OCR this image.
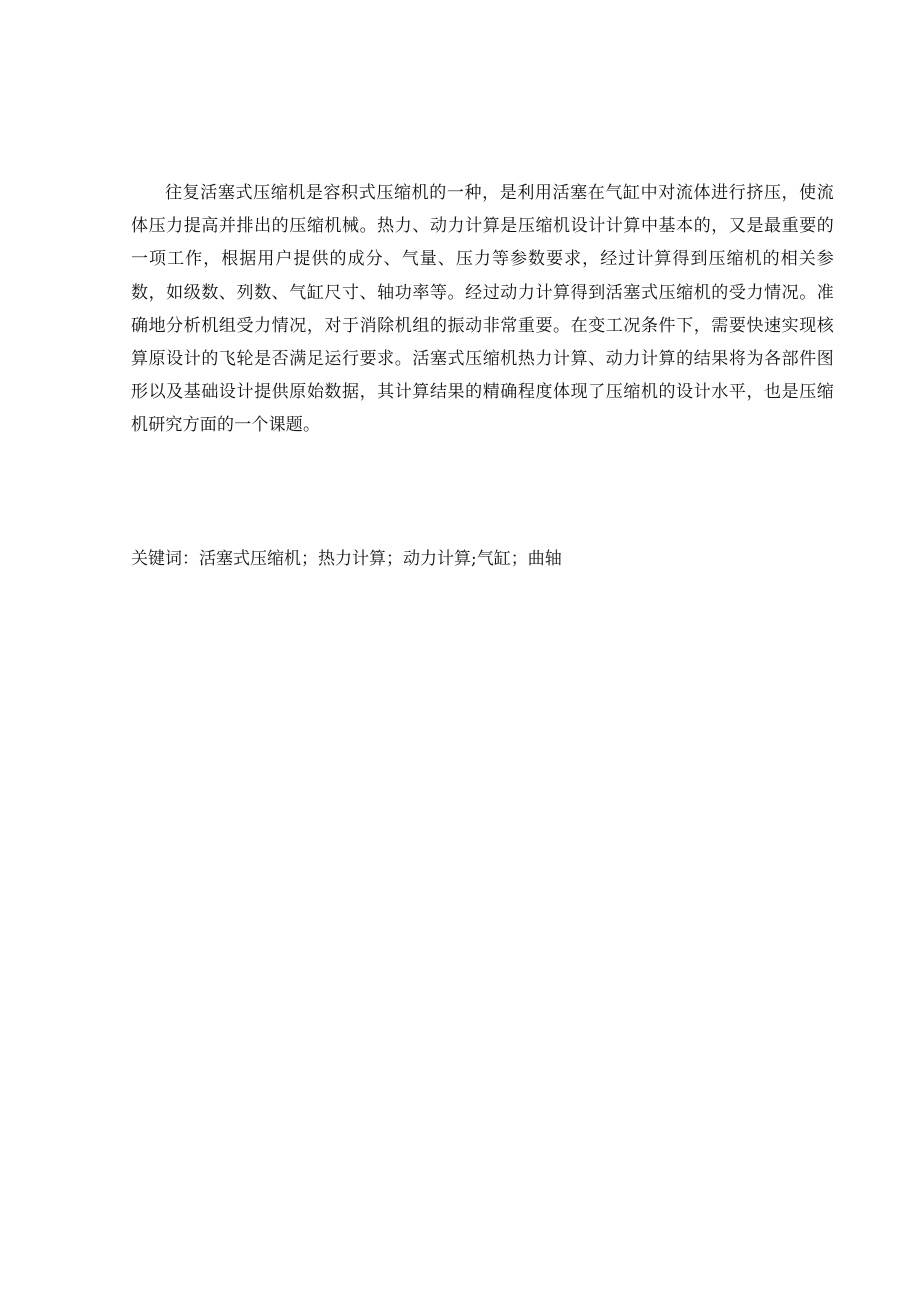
往复活塞式压缩机是容积式压缩机的一种，是利用活塞在气缸中对流体进行挤压，使流体压力提高并排出的压缩机械。热力、动力计算是压缩机设计计算中基本的，又是最重要的一项工作，根据用户提供的成分、气量、压力等参数要求，经过计算得到压缩机的相关参数，如级数、列数、气缸尺寸、轴功率等。经过动力计算得到活塞式压缩机的受力情况。准确地分析机组受力情况，对于消除机组的振动非常重要。在变工况条件下，需要快速实现核算原设计的飞轮是否满足运行要求。活塞式压缩机热力计算、动力计算的结果将为各部件图形以及基础设计提供原始数据，其计算结果的精确程度体现了压缩机的设计水平，也是压缩机研究方面的一个课题。

关键词：活塞式压缩机；热力计算；动力计算;气缸；曲轴
